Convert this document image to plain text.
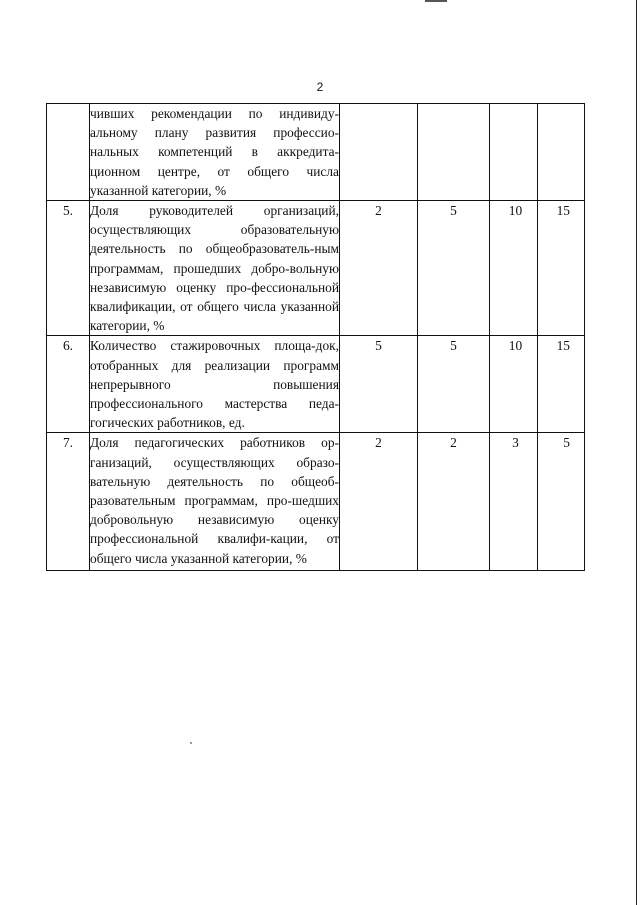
2
	чивших рекомендации по индивиду-альному плану развития профессио-нальных компетенций в аккредита-ционном центре, от общего числа указанной категории, %				
5.	Доля руководителей организаций, осуществляющих образовательную деятельность по общеобразователь-ным программам, прошедших добро-вольную независимую оценку про-фессиональной квалификации, от общего числа указанной категории, %	2	5	10	15
6.	Количество стажировочных площа-док, отобранных для реализации программ непрерывного повышения профессионального мастерства педа-гогических работников, ед.	5	5	10	15
7.	Доля педагогических работников ор-ганизаций, осуществляющих образо-вательную деятельность по общеоб-разовательным программам, про-шедших добровольную независимую оценку профессиональной квалифи-кации, от общего числа указанной категории, %	2	2	3	5
